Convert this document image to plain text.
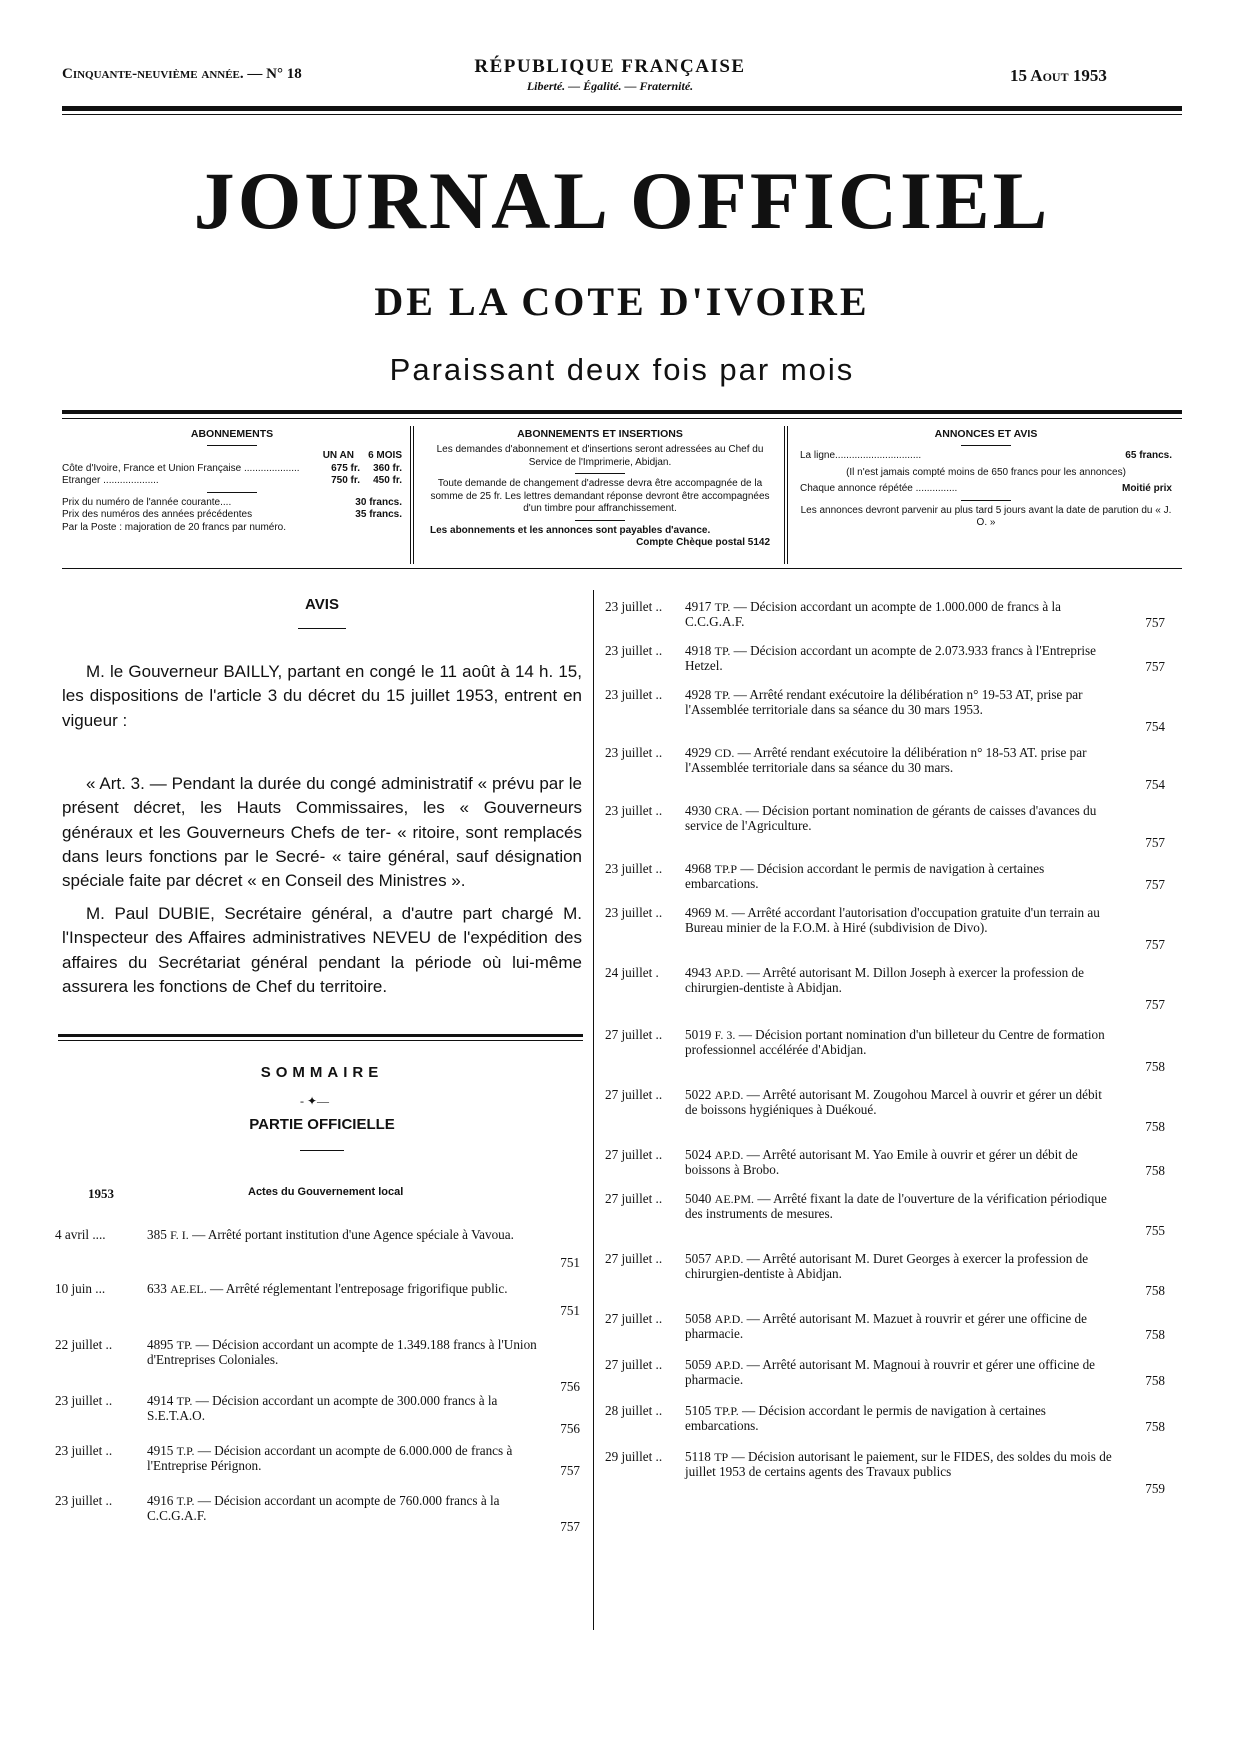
Cinquante-neuvième année. — N° 18	RÉPUBLIQUE FRANÇAISE
Liberté. — Égalité. — Fraternité.
15 Aout 1953
JOURNAL OFFICIEL
DE LA COTE D'IVOIRE
Paraissant deux fois par mois
ABONNEMENTS
UN AN	6 MOIS
Côte d'Ivoire, France et Union Française ....................	675 fr.	360 fr.
Etranger ....................	750 fr.	450 fr.
Prix du numéro de l'année courante....	30 francs.
Prix des numéros des années précédentes	35 francs.
Par la Poste : majoration de 20 francs par numéro.
ABONNEMENTS ET INSERTIONS
Les demandes d'abonnement et d'insertions seront adressées au Chef du Service de l'Imprimerie, Abidjan.
Toute demande de changement d'adresse devra être accompagnée de la somme de 25 fr. Les lettres demandant réponse devront être accompagnées d'un timbre pour affranchissement.
Les abonnements et les annonces sont payables d'avance.
Compte Chèque postal 5142
ANNONCES ET AVIS
La ligne...............................	65 francs.
(Il n'est jamais compté moins de 650 francs pour les annonces)
Chaque annonce répétée ...............	Moitié prix
Les annonces devront parvenir au plus tard 5 jours avant la date de parution du « J. O. »
AVIS
M. le Gouverneur BAILLY, partant en congé le 11 août à 14 h. 15, les dispositions de l'article 3 du décret du 15 juillet 1953, entrent en vigueur :
« Art. 3. — Pendant la durée du congé administratif « prévu par le présent décret, les Hauts Commissaires, les « Gouverneurs généraux et les Gouverneurs Chefs de ter- « ritoire, sont remplacés dans leurs fonctions par le Secré- « taire général, sauf désignation spéciale faite par décret « en Conseil des Ministres ».
M. Paul DUBIE, Secrétaire général, a d'autre part chargé M. l'Inspecteur des Affaires administratives NEVEU de l'expédition des affaires du Secrétariat général pendant la période où lui-même assurera les fonctions de Chef du territoire.
SOMMAIRE
- ✦—
PARTIE OFFICIELLE
1953	Actes du Gouvernement local
4 avril ....	385 F. I. — Arrêté portant institution d'une Agence spéciale à Vavoua.
751
10 juin ...	633 AE.EL. — Arrêté réglementant l'entreposage frigorifique public.
751
22 juillet ..	4895 TP. — Décision accordant un acompte de 1.349.188 francs à l'Union d'Entreprises Coloniales.
756
23 juillet ..	4914 TP. — Décision accordant un acompte de 300.000 francs à la S.E.T.A.O.
756
23 juillet ..	4915 T.P. — Décision accordant un acompte de 6.000.000 de francs à l'Entreprise Pérignon.	757
23 juillet ..	4916 T.P. — Décision accordant un acompte de 760.000 francs à la C.C.G.A.F.
757
23 juillet .. 4917 TP. — Décision accordant un acompte de 1.000.000 de francs à la C.C.G.A.F.	757
23 juillet .. 4918 TP. — Décision accordant un acompte de 2.073.933 francs à l'Entreprise Hetzel.	757
23 juillet .. 4928 TP. — Arrêté rendant exécutoire la délibération n° 19-53 AT, prise par l'Assemblée territoriale dans sa séance du 30 mars 1953.
754
23 juillet .. 4929 CD. — Arrêté rendant exécutoire la délibération n° 18-53 AT. prise par l'Assemblée territoriale dans sa séance du 30 mars.
754
23 juillet .. 4930 CRA. — Décision portant nomination de gérants de caisses d'avances du service de l'Agriculture.
757
23 juillet .. 4968 TP.P — Décision accordant le permis de navigation à certaines embarcations.	757
23 juillet .. 4969 M. — Arrêté accordant l'autorisation d'occupation gratuite d'un terrain au Bureau minier de la F.O.M. à Hiré (subdivision de Divo).
757
24 juillet . 4943 AP.D. — Arrêté autorisant M. Dillon Joseph à exercer la profession de chirurgien-dentiste à Abidjan.
757
27 juillet .. 5019 F. 3. — Décision portant nomination d'un billeteur du Centre de formation professionnel accélérée d'Abidjan.
758
27 juillet .. 5022 AP.D. — Arrêté autorisant M. Zougohou Marcel à ouvrir et gérer un débit de boissons hygiéniques à Duékoué.
758
27 juillet .. 5024 AP.D. — Arrêté autorisant M. Yao Emile à ouvrir et gérer un débit de boissons à Brobo.	758
27 juillet .. 5040 AE.PM. — Arrêté fixant la date de l'ouverture de la vérification périodique des instruments de mesures.
755
27 juillet .. 5057 AP.D. — Arrêté autorisant M. Duret Georges à exercer la profession de chirurgien-dentiste à Abidjan.
758
27 juillet .. 5058 AP.D. — Arrêté autorisant M. Mazuet à rouvrir et gérer une officine de pharmacie.	758
27 juillet .. 5059 AP.D. — Arrêté autorisant M. Magnoui à rouvrir et gérer une officine de pharmacie.	758
28 juillet .. 5105 TP.P. — Décision accordant le permis de navigation à certaines embarcations.	758
29 juillet .. 5118 TP — Décision autorisant le paiement, sur le FIDES, des soldes du mois de juillet 1953 de certains agents des Travaux publics
759
